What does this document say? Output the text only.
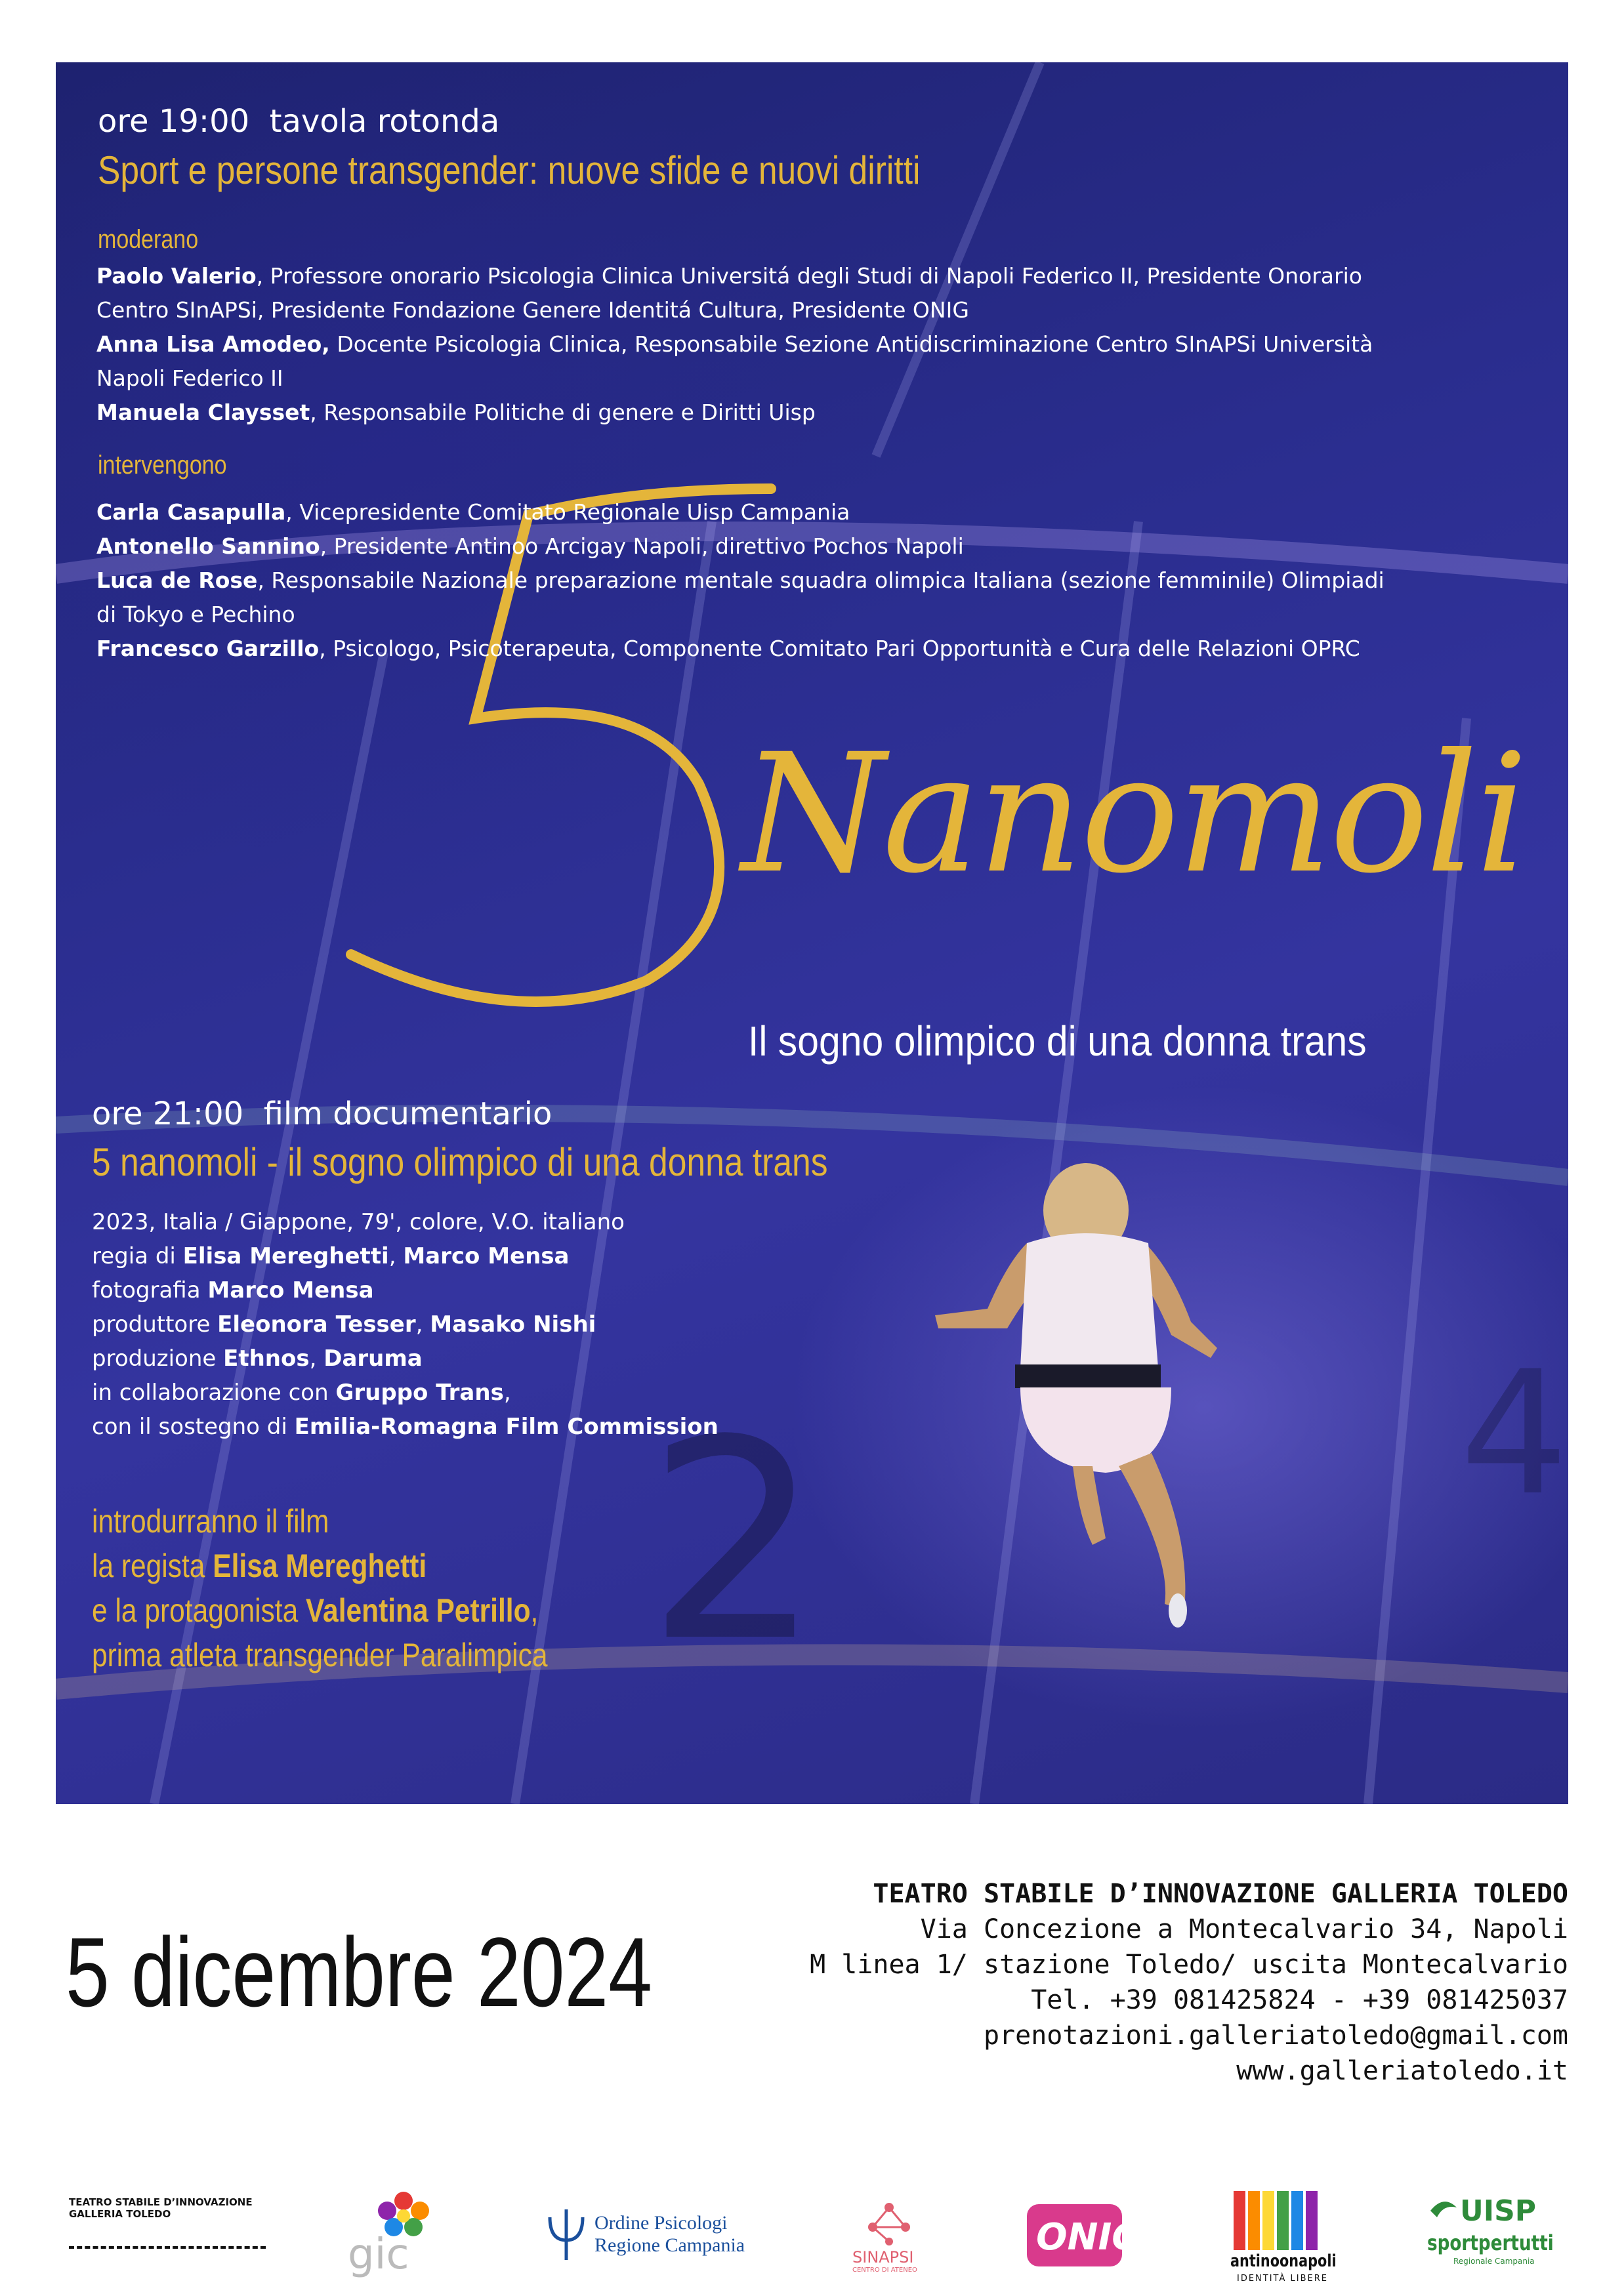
2	4
ore 19:00 tavola rotonda
Sport e persone transgender: nuove sfide e nuovi diritti
moderano
Paolo Valerio, Professore onorario Psicologia Clinica Universitá degli Studi di Napoli Federico II, Presidente Onorario
Centro SInAPSi, Presidente Fondazione Genere Identitá Cultura, Presidente ONIG
Anna Lisa Amodeo, Docente Psicologia Clinica, Responsabile Sezione Antidiscriminazione Centro SInAPSi Università
Napoli Federico II
Manuela Claysset, Responsabile Politiche di genere e Diritti Uisp
intervengono
Carla Casapulla, Vicepresidente Comitato Regionale Uisp Campania
Antonello Sannino, Presidente Antinoo Arcigay Napoli, direttivo Pochos Napoli
Luca de Rose, Responsabile Nazionale preparazione mentale squadra olimpica Italiana (sezione femminile) Olimpiadi
di Tokyo e Pechino
Francesco Garzillo, Psicologo, Psicoterapeuta, Componente Comitato Pari Opportunità e Cura delle Relazioni OPRC
Nanomoli
Il sogno olimpico di una donna trans
ore 21:00 film documentario
5 nanomoli - il sogno olimpico di una donna trans
2023, Italia / Giappone, 79', colore, V.O. italiano
regia di Elisa Mereghetti, Marco Mensa
fotografia Marco Mensa
produttore Eleonora Tesser, Masako Nishi
produzione Ethnos, Daruma
in collaborazione con Gruppo Trans,
con il sostegno di Emilia-Romagna Film Commission
introdurranno il film
la regista Elisa Mereghetti
e la protagonista Valentina Petrillo,
prima atleta transgender Paralimpica
5 dicembre 2024
TEATRO STABILE D’INNOVAZIONE GALLERIA TOLEDO
Via Concezione a Montecalvario 34, Napoli
M linea 1/ stazione Toledo/ uscita Montecalvario
Tel. +39 081425824 - +39 081425037
prenotazioni.galleriatoledo@gmail.com
www.galleriatoledo.it
TEATRO STABILE D’INNOVAZIONE GALLERIA TOLEDO
gic
Ordine Psicologi
Regione Campania
SINAPSI
CENTRO DI ATENEO
ONIG
antinoonapoli
IDENTITÀ LIBERE
UISP
sportpertutti
Regionale Campania
